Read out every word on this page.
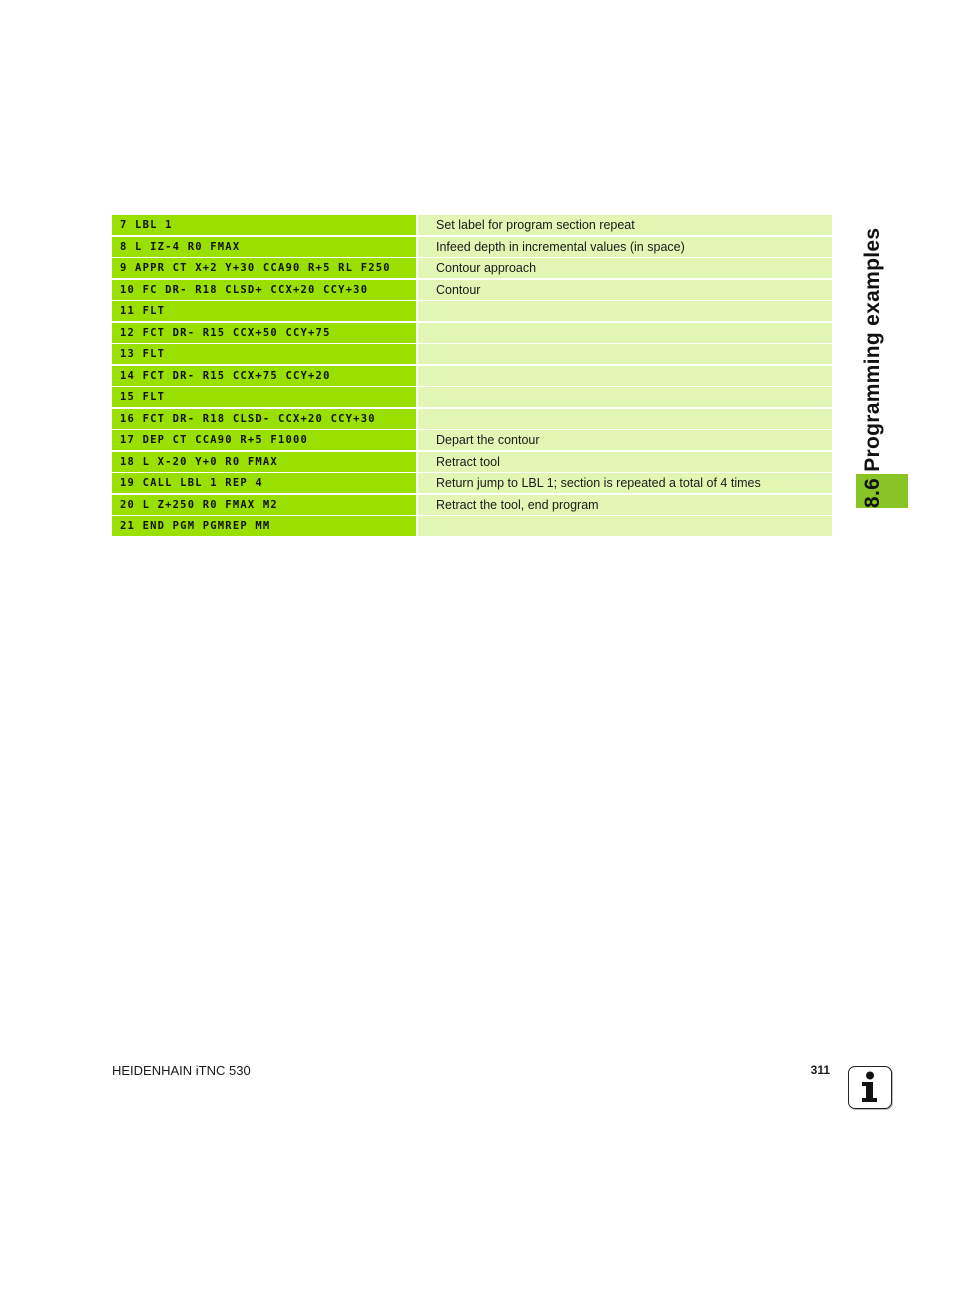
7 LBL 1	Set label for program section repeat
8 L IZ-4 R0 FMAX	Infeed depth in incremental values (in space)
9 APPR CT X+2 Y+30 CCA90 R+5 RL F250	Contour approach
10 FC DR- R18 CLSD+ CCX+20 CCY+30	Contour
11 FLT
12 FCT DR- R15 CCX+50 CCY+75
13 FLT
14 FCT DR- R15 CCX+75 CCY+20
15 FLT
16 FCT DR- R18 CLSD- CCX+20 CCY+30
17 DEP CT CCA90 R+5 F1000	Depart the contour
18 L X-20 Y+0 R0 FMAX	Retract tool
19 CALL LBL 1 REP 4	Return jump to LBL 1; section is repeated a total of 4 times
20 L Z+250 R0 FMAX M2	Retract the tool, end program
21 END PGM PGMREP MM
8.6 Programming examples
HEIDENHAIN iTNC 530	311
